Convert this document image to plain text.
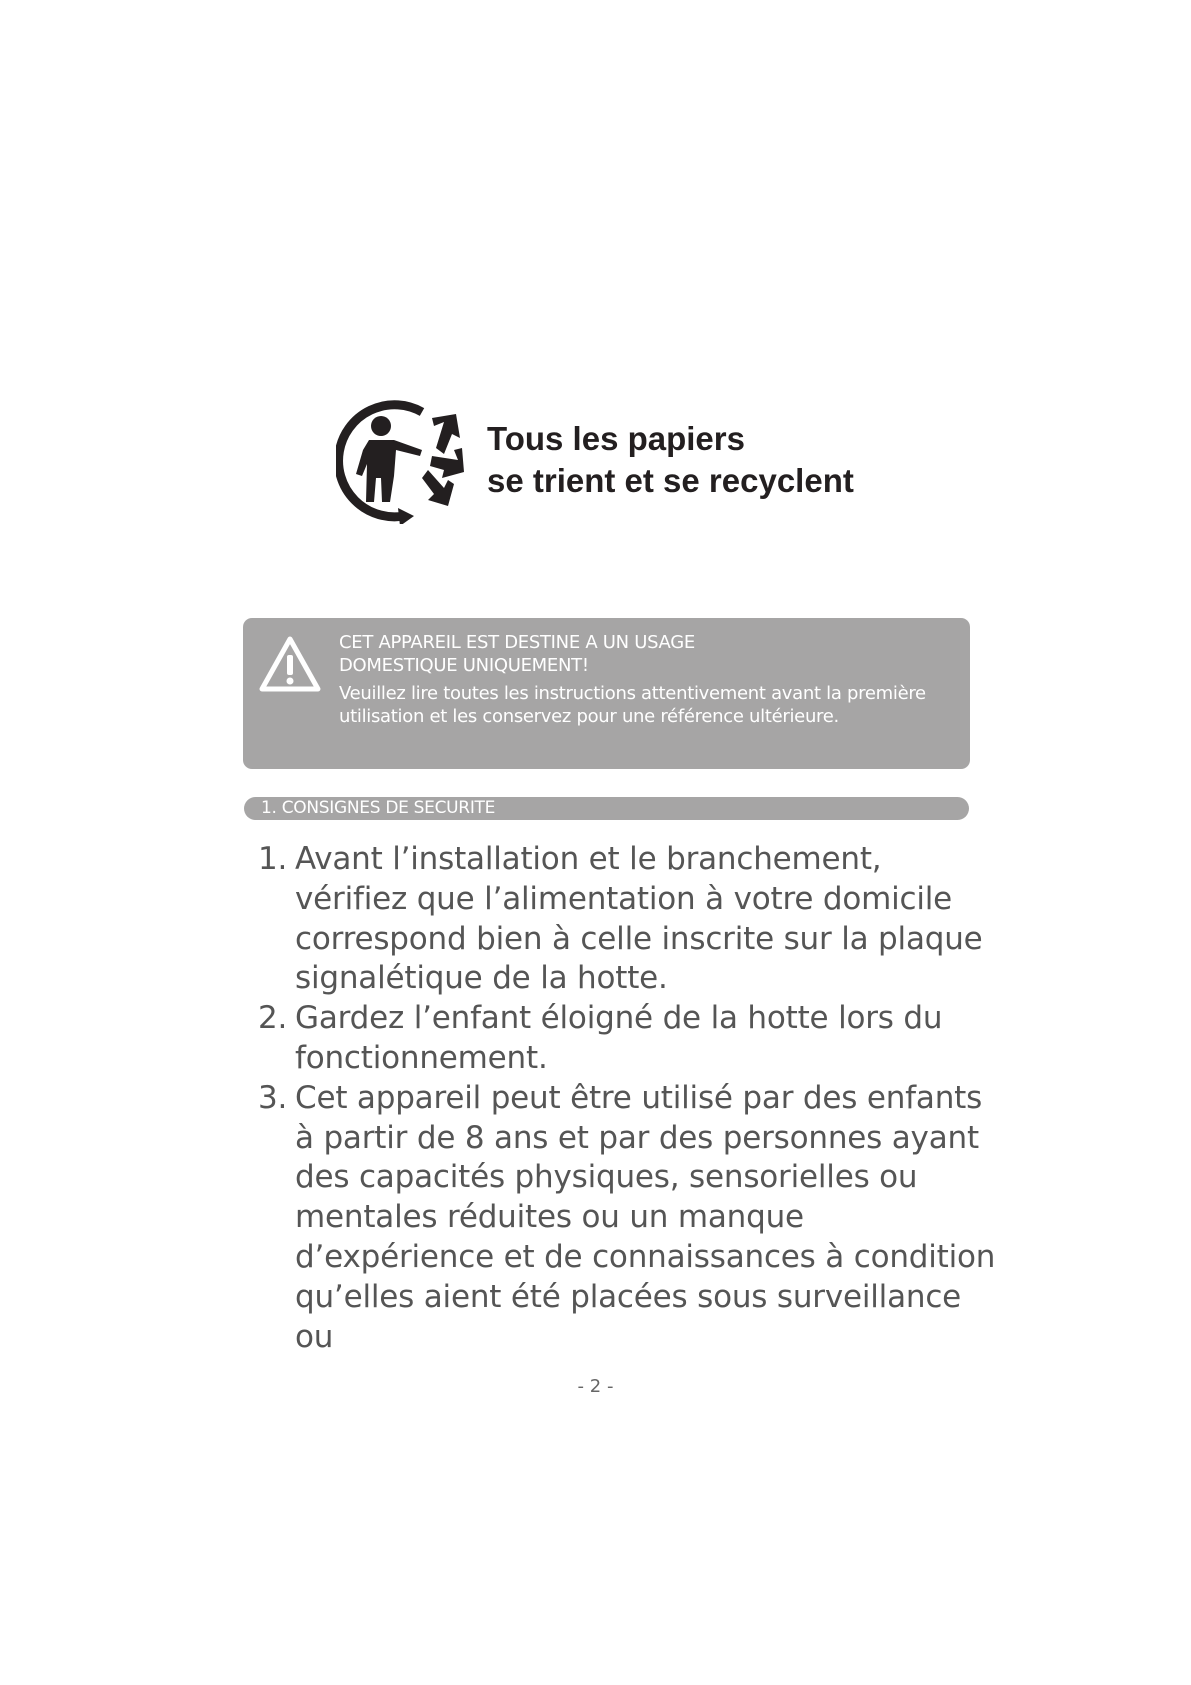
Tous les papiers
se trient et se recyclent
CET APPAREIL EST DESTINE A UN USAGE
DOMESTIQUE UNIQUEMENT!

Veuillez lire toutes les instructions attentivement avant la première utilisation et les conservez pour une référence ultérieure.

1. CONSIGNES DE SECURITE
1. Avant l’installation et le branchement, vérifiez que l’alimentation à votre domicile correspond bien à celle inscrite sur la plaque signalétique de la hotte.
2. Gardez l’enfant éloigné de la hotte lors du fonctionnement.
3. Cet appareil peut être utilisé par des enfants à partir de 8 ans et par des personnes ayant des capacités physiques, sensorielles ou mentales réduites ou un manque d’expérience et de connaissances à condition qu’elles aient été placées sous surveillance ou
- 2 -
